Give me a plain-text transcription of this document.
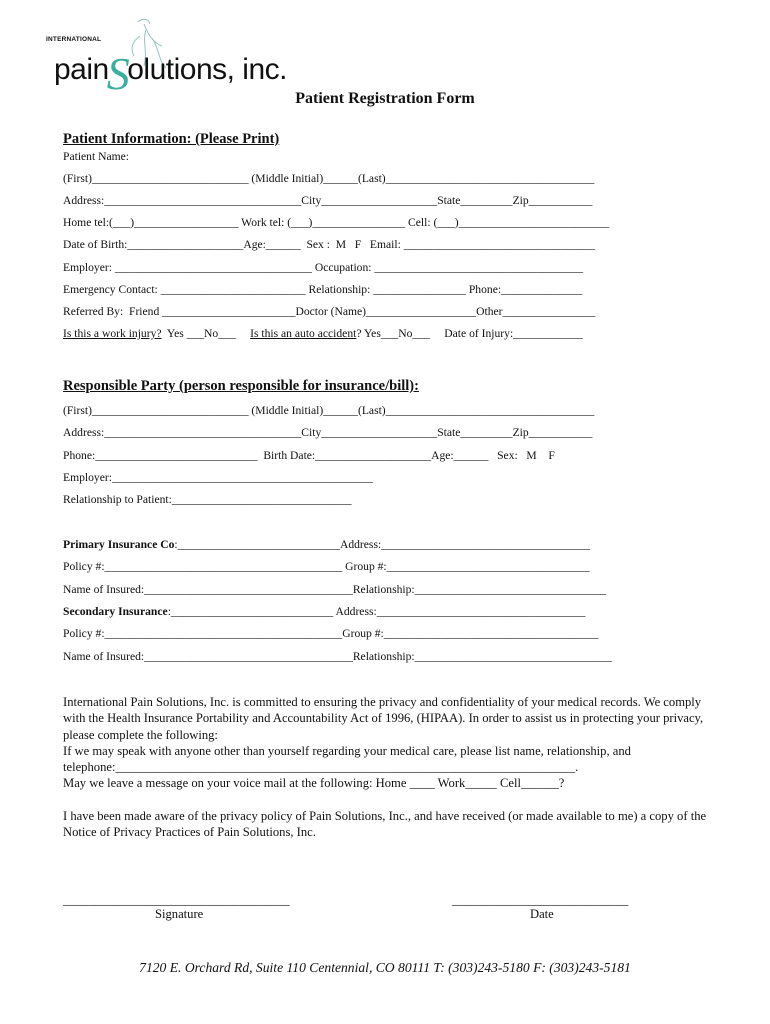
INTERNATIONAL
painSolutions, inc.
Patient Registration Form
Patient Information: (Please Print)
Patient Name:
(First)___________________________ (Middle Initial)______(Last)____________________________________
Address:__________________________________City____________________State_________Zip___________
Home tel:(___)__________________ Work tel: (___)________________ Cell: (___)__________________________
Date of Birth:____________________Age:______  Sex :  M   F   Email: _________________________________
Employer: __________________________________ Occupation: ____________________________________
Emergency Contact: _________________________ Relationship: ________________ Phone:______________
Referred By:  Friend _______________________Doctor (Name)___________________Other________________
Is this a work injury?  Yes ___No___     Is this an auto accident? Yes___No___     Date of Injury:____________
Responsible Party (person responsible for insurance/bill):
(First)___________________________ (Middle Initial)______(Last)____________________________________
Address:__________________________________City____________________State_________Zip___________
Phone:____________________________  Birth Date:____________________Age:______   Sex:   M    F
Employer:_____________________________________________
Relationship to Patient:_______________________________
Primary Insurance Co:____________________________Address:____________________________________
Policy #:_________________________________________ Group #:___________________________________
Name of Insured:____________________________________Relationship:_________________________________
Secondary Insurance:____________________________ Address:____________________________________
Policy #:_________________________________________Group #:_____________________________________
Name of Insured:____________________________________Relationship:__________________________________

International Pain Solutions, Inc. is committed to ensuring the privacy and confidentiality of your medical records. We comply with the Health Insurance Portability and Accountability Act of 1996, (HIPAA). In order to assist us in protecting your privacy, please complete the following:

If we may speak with anyone other than yourself regarding your medical care, please list name, relationship, and telephone:_________________________________________________________________________.

May we leave a message on your voice mail at the following: Home ____ Work_____ Cell______?

I have been made aware of the privacy policy of Pain Solutions, Inc., and have received (or made available to me) a copy of the Notice of Privacy Practices of Pain Solutions, Inc.

____________________________________
Signature
____________________________
Date
7120 E. Orchard Rd, Suite 110 Centennial, CO 80111 T: (303)243-5180 F: (303)243-5181
